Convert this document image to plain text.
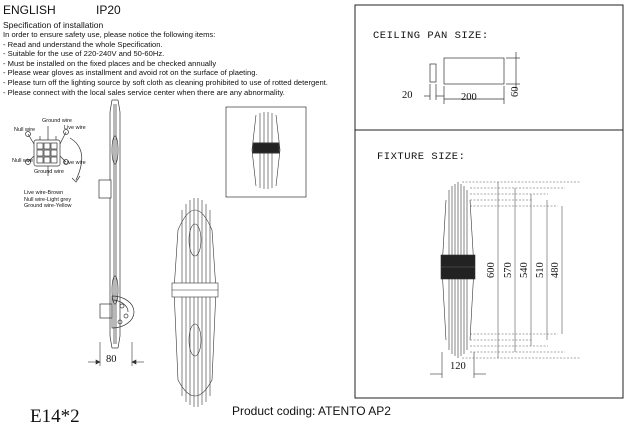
ENGLISH	IP20
Specification of installation
In order to ensure safety use, please notice the following items:
- Read and understand the whole Specification.
- Suitable for the use of 220-240V and 50-60Hz.
- Must be installed on the fixed places and be checked annually
- Please wear gloves as installment and avoid rot on the surface of plaeting.
- Please turn off the lighting source by soft cloth as cleaning prohibited to use of rotted detergent.
- Please connect with the local sales service center when there are any abnormality.
Ground wire
Null wire	Live wire
Null wire	Live wire
Ground wire
Live wire-Brown
Null wire-Light grey
Ground wire-Yellow
80
CEILING PAN SIZE:
20	200
60
FIXTURE SIZE:
600 570 540 510 480
120
E14*2	Product coding: ATENTO AP2
